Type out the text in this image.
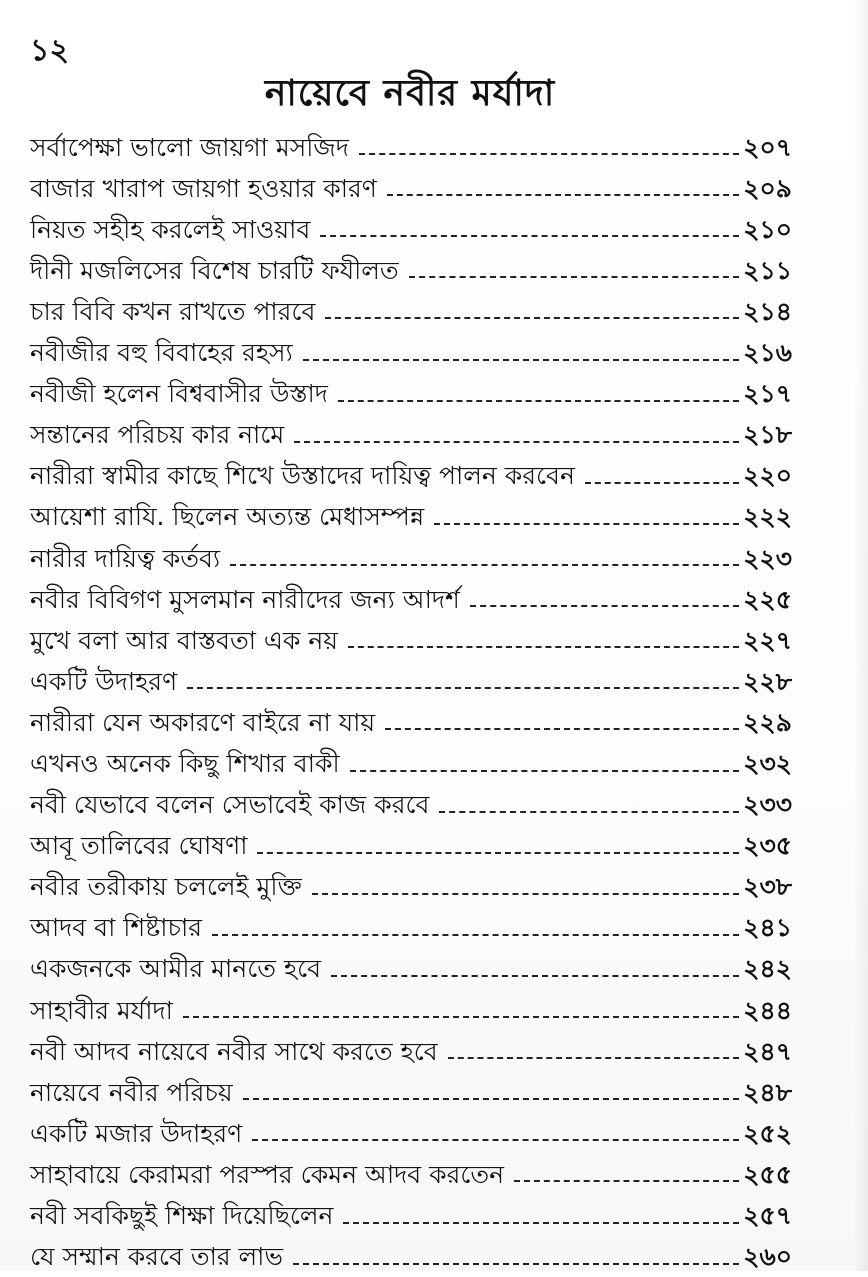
১২
নায়েবে নবীর মর্যাদা
সর্বাপেক্ষা ভালো জায়গা মসজিদ	২০৭
বাজার খারাপ জায়গা হওয়ার কারণ	২০৯
নিয়ত সহীহ করলেই সাওয়াব	২১০
দীনী মজলিসের বিশেষ চারটি ফযীলত	২১১
চার বিবি কখন রাখতে পারবে	২১৪
নবীজীর বহু বিবাহের রহস্য	২১৬
নবীজী হলেন বিশ্ববাসীর উস্তাদ	২১৭
সন্তানের পরিচয় কার নামে	২১৮
নারীরা স্বামীর কাছে শিখে উস্তাদের দায়িত্ব পালন করবেন	২২০
আয়েশা রাযি. ছিলেন অত্যন্ত মেধাসম্পন্ন	২২২
নারীর দায়িত্ব কর্তব্য	২২৩
নবীর বিবিগণ মুসলমান নারীদের জন্য আদর্শ	২২৫
মুখে বলা আর বাস্তবতা এক নয়	২২৭
একটি উদাহরণ	২২৮
নারীরা যেন অকারণে বাইরে না যায়	২২৯
এখনও অনেক কিছু শিখার বাকী	২৩২
নবী যেভাবে বলেন সেভাবেই কাজ করবে	২৩৩
আবূ তালিবের ঘোষণা	২৩৫
নবীর তরীকায় চললেই মুক্তি	২৩৮
আদব বা শিষ্টাচার	২৪১
একজনকে আমীর মানতে হবে	২৪২
সাহাবীর মর্যাদা	২৪৪
নবী আদব নায়েবে নবীর সাথে করতে হবে	২৪৭
নায়েবে নবীর পরিচয়	২৪৮
একটি মজার উদাহরণ	২৫২
সাহাবায়ে কেরামরা পরস্পর কেমন আদব করতেন	২৫৫
নবী সবকিছুই শিক্ষা দিয়েছিলেন	২৫৭
যে সম্মান করবে তার লাভ	২৬০
